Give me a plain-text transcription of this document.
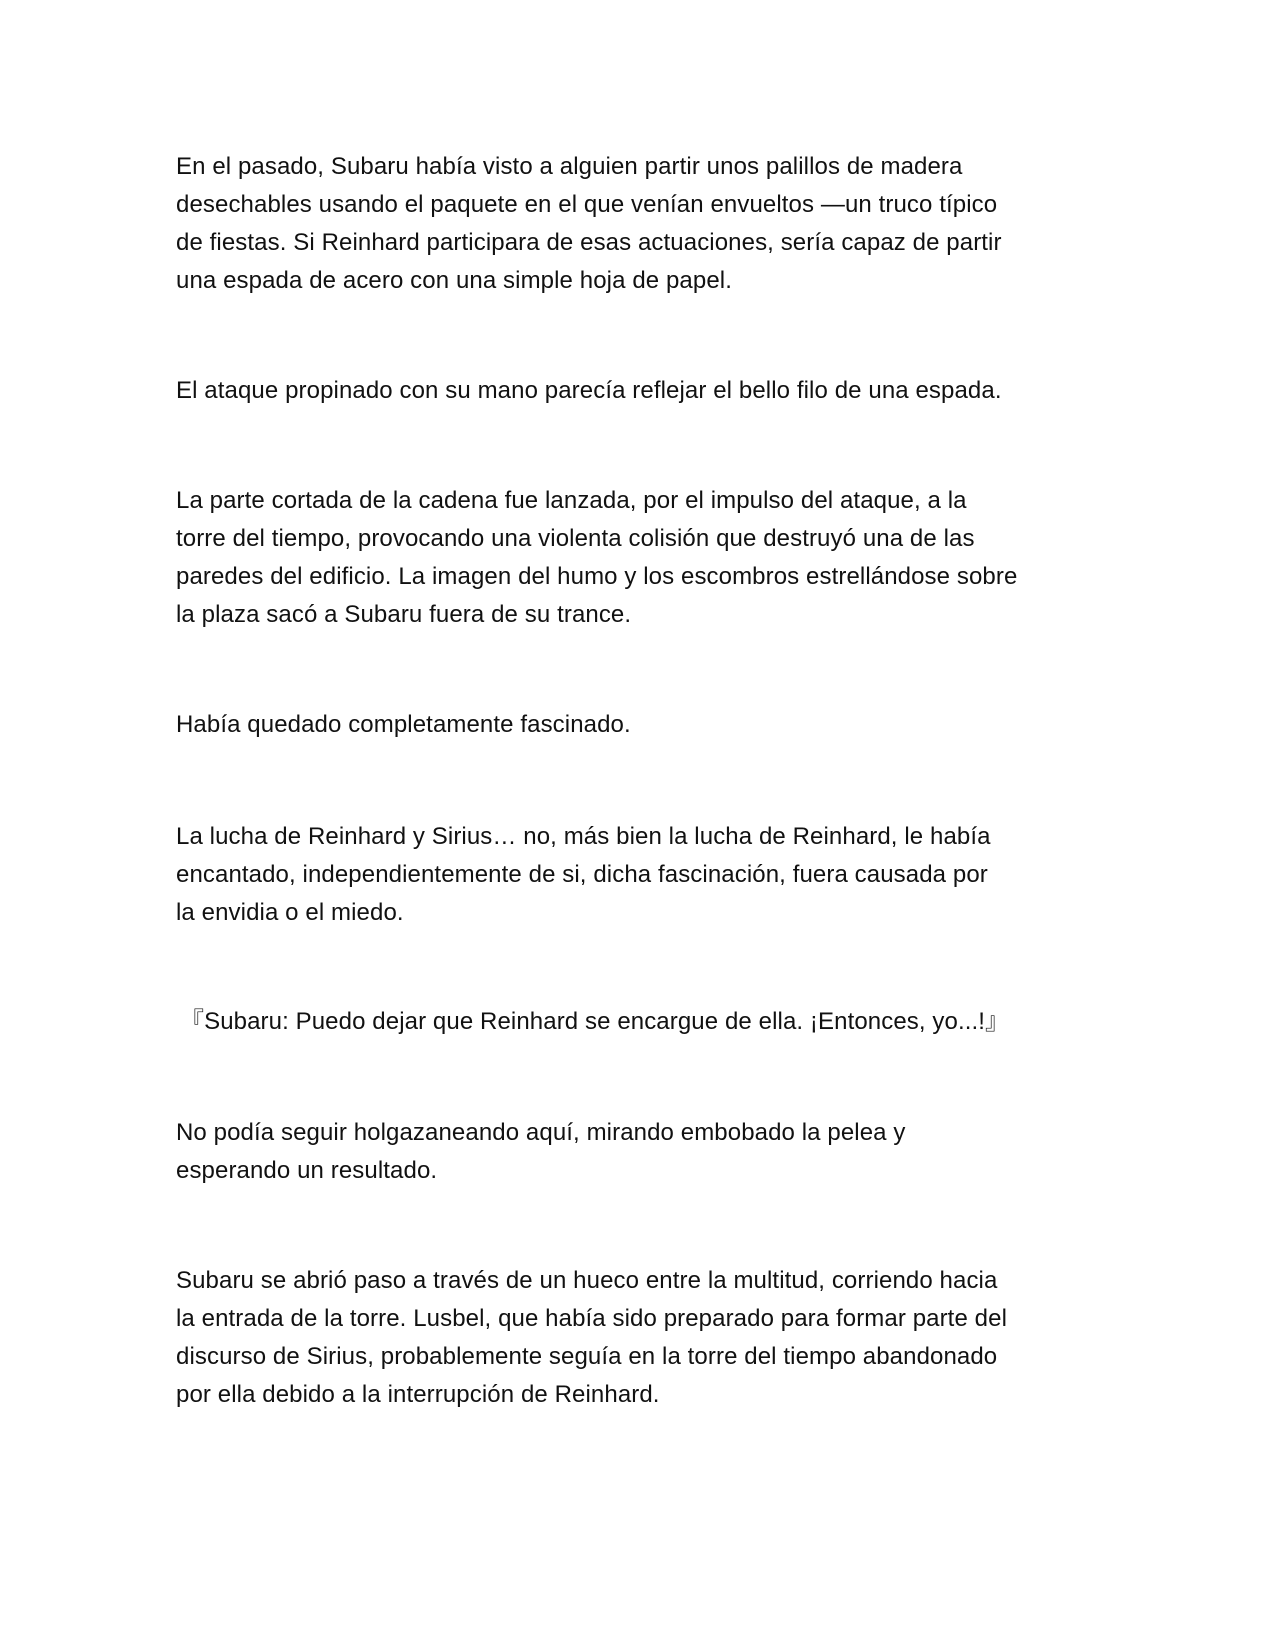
En el pasado, Subaru había visto a alguien partir unos palillos de madera
desechables usando el paquete en el que venían envueltos —un truco típico
de fiestas. Si Reinhard participara de esas actuaciones, sería capaz de partir
una espada de acero con una simple hoja de papel.

El ataque propinado con su mano parecía reflejar el bello filo de una espada.

La parte cortada de la cadena fue lanzada, por el impulso del ataque, a la
torre del tiempo, provocando una violenta colisión que destruyó una de las
paredes del edificio. La imagen del humo y los escombros estrellándose sobre
la plaza sacó a Subaru fuera de su trance.

Había quedado completamente fascinado.

La lucha de Reinhard y Sirius… no, más bien la lucha de Reinhard, le había
encantado, independientemente de si, dicha fascinación, fuera causada por
la envidia o el miedo.

『Subaru: Puedo dejar que Reinhard se encargue de ella. ¡Entonces, yo...!』

No podía seguir holgazaneando aquí, mirando embobado la pelea y
esperando un resultado.

Subaru se abrió paso a través de un hueco entre la multitud, corriendo hacia
la entrada de la torre. Lusbel, que había sido preparado para formar parte del
discurso de Sirius, probablemente seguía en la torre del tiempo abandonado
por ella debido a la interrupción de Reinhard.
